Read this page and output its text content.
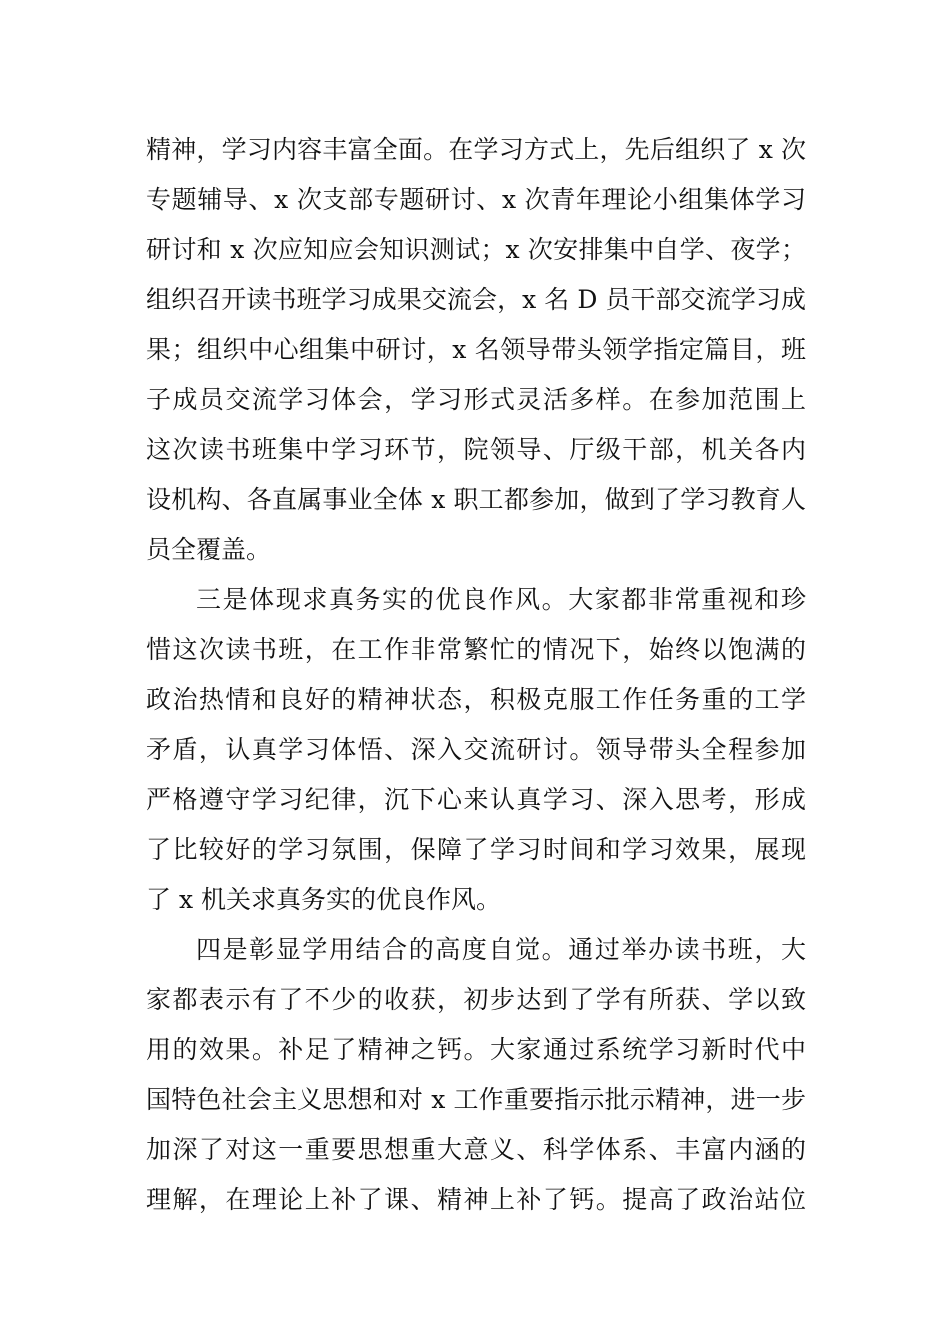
精神，学习内容丰富全面。在学习方式上，先后组织了 x 次
专题辅导、x 次支部专题研讨、x 次青年理论小组集体学习
研讨和 x 次应知应会知识测试；x 次安排集中自学、夜学；
组织召开读书班学习成果交流会，x 名 D 员干部交流学习成
果；组织中心组集中研讨，x 名领导带头领学指定篇目，班
子成员交流学习体会，学习形式灵活多样。在参加范围上
这次读书班集中学习环节，院领导、厅级干部，机关各内
设机构、各直属事业全体 x 职工都参加，做到了学习教育人
员全覆盖。
三是体现求真务实的优良作风。大家都非常重视和珍
惜这次读书班，在工作非常繁忙的情况下，始终以饱满的
政治热情和良好的精神状态，积极克服工作任务重的工学
矛盾，认真学习体悟、深入交流研讨。领导带头全程参加
严格遵守学习纪律，沉下心来认真学习、深入思考，形成
了比较好的学习氛围，保障了学习时间和学习效果，展现
了 x 机关求真务实的优良作风。
四是彰显学用结合的高度自觉。通过举办读书班，大
家都表示有了不少的收获，初步达到了学有所获、学以致
用的效果。补足了精神之钙。大家通过系统学习新时代中
国特色社会主义思想和对 x 工作重要指示批示精神，进一步
加深了对这一重要思想重大意义、科学体系、丰富内涵的
理解，在理论上补了课、精神上补了钙。提高了政治站位
